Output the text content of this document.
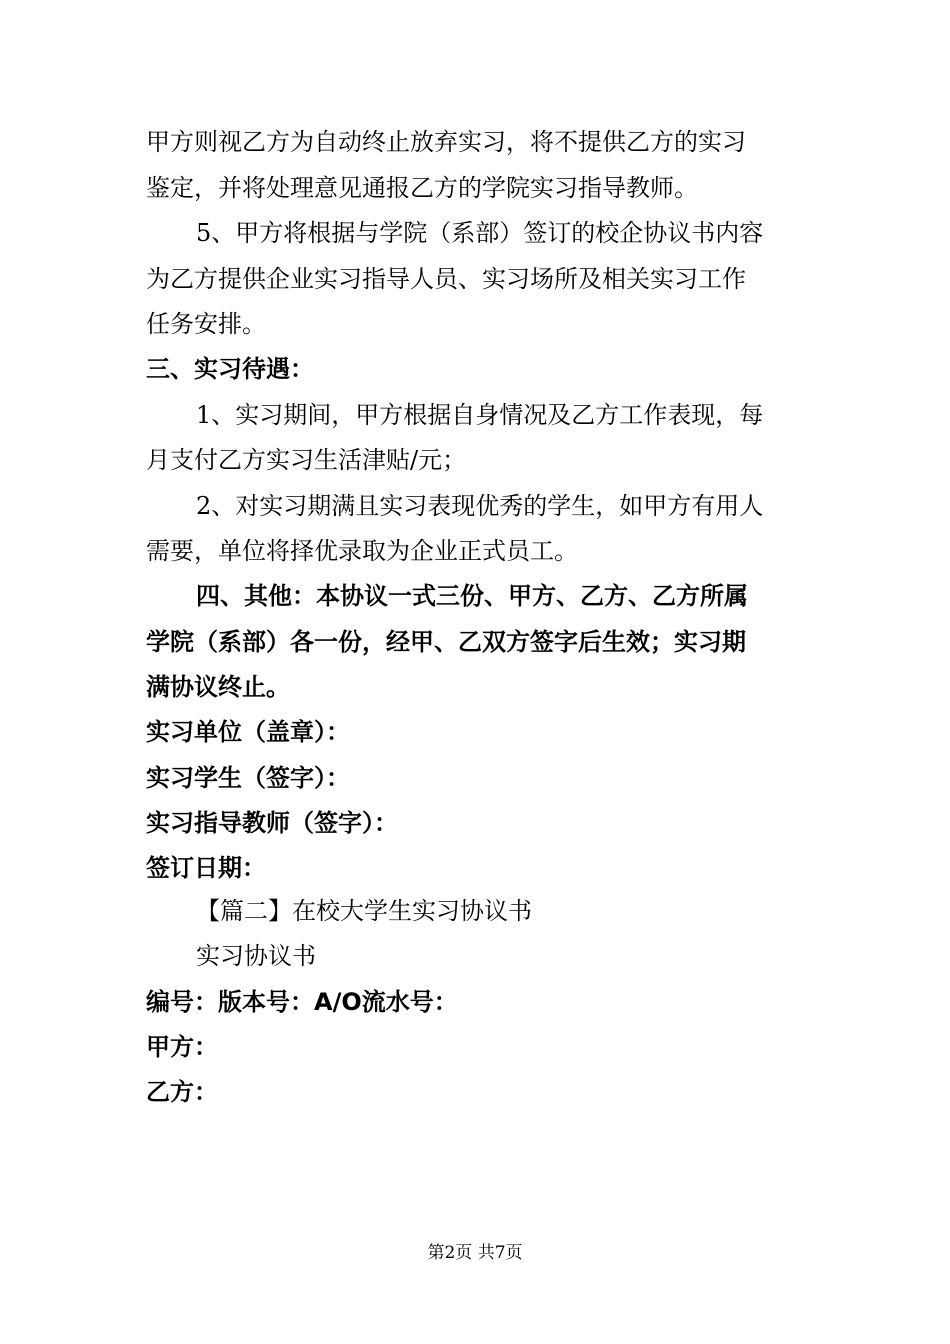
甲方则视乙方为自动终止放弃实习，将不提供乙方的实习
鉴定，并将处理意见通报乙方的学院实习指导教师。
5、甲方将根据与学院（系部）签订的校企协议书内容
为乙方提供企业实习指导人员、实习场所及相关实习工作
任务安排。
三、实习待遇：
1、实习期间，甲方根据自身情况及乙方工作表现，每
月支付乙方实习生活津贴/元；
2、对实习期满且实习表现优秀的学生，如甲方有用人
需要，单位将择优录取为企业正式员工。
四、其他：本协议一式三份、甲方、乙方、乙方所属
学院（系部）各一份，经甲、乙双方签字后生效；实习期
满协议终止。
实习单位（盖章）：
实习学生（签字）：
实习指导教师（签字）：
签订日期：
【篇二】在校大学生实习协议书
实习协议书
编号：版本号：A/O流水号：
甲方：
乙方：
第2页 共7页
